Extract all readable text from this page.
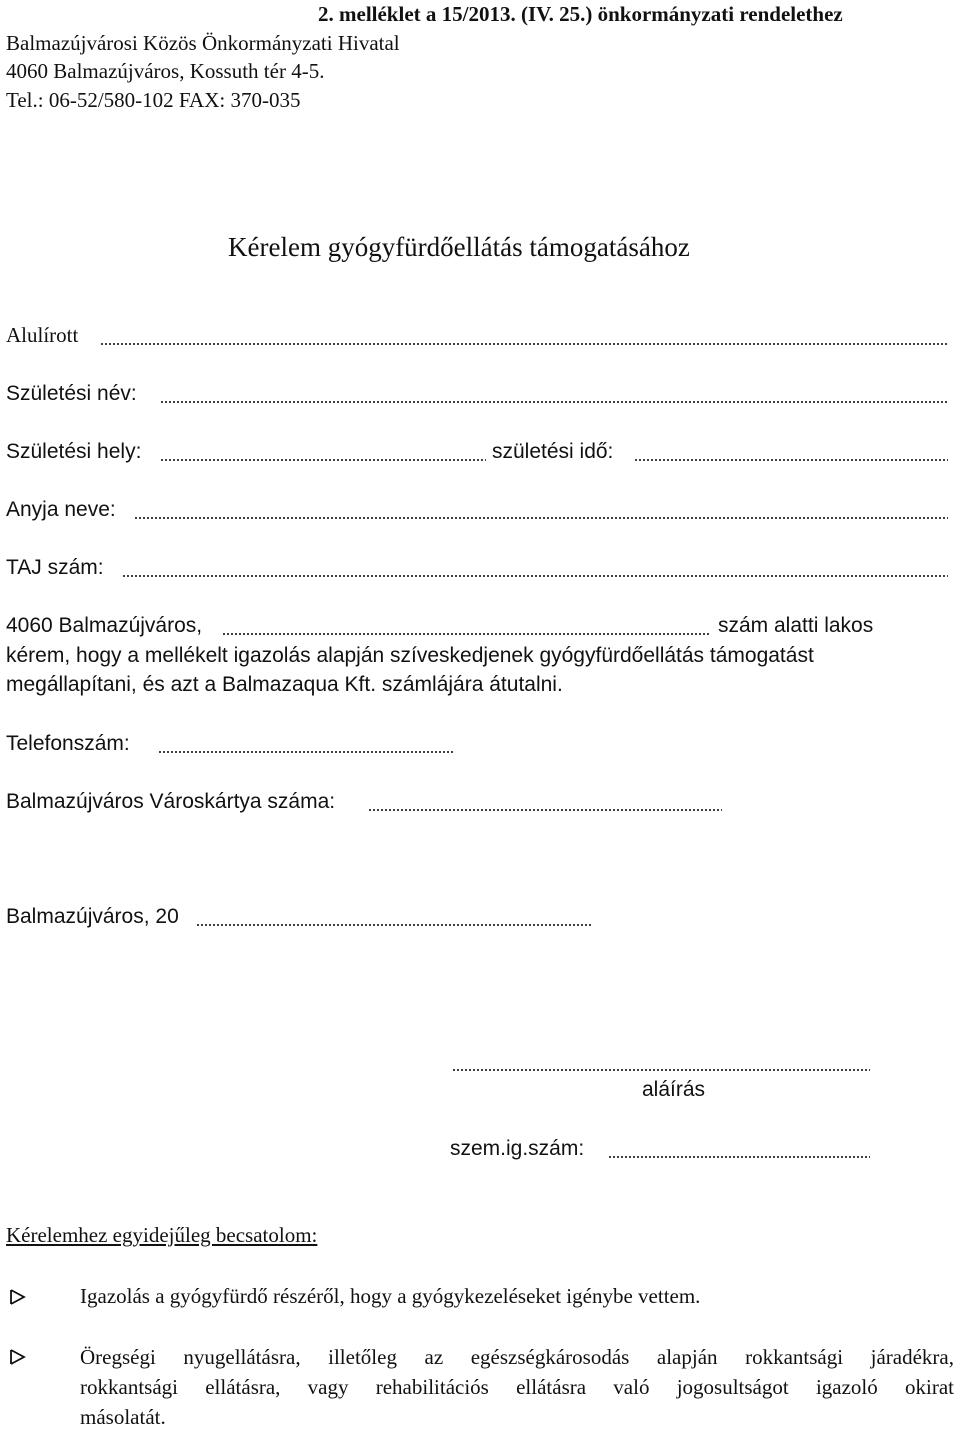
2. melléklet a 15/2013. (IV. 25.) önkormányzati rendelethez
Balmazújvárosi Közös Önkormányzati Hivatal
4060 Balmazújváros, Kossuth tér 4-5.
Tel.: 06-52/580-102 FAX: 370-035
Kérelem gyógyfürdőellátás támogatásához
Alulírott
Születési név:
Születési hely:	születési idő:
Anyja neve:
TAJ szám:
4060 Balmazújváros,	szám alatti lakos
kérem, hogy a mellékelt igazolás alapján szíveskedjenek gyógyfürdőellátás támogatást
megállapítani, és azt a Balmazaqua Kft. számlájára átutalni.
Telefonszám:
Balmazújváros Városkártya száma:
Balmazújváros, 20
aláírás
szem.ig.szám:
Kérelemhez egyidejűleg becsatolom:
Igazolás a gyógyfürdő részéről, hogy a gyógykezeléseket igénybe vettem.
Öregségi nyugellátásra, illetőleg az egészségkárosodás alapján rokkantsági járadékra,
rokkantsági ellátásra, vagy rehabilitációs ellátásra való jogosultságot igazoló okirat
másolatát.
